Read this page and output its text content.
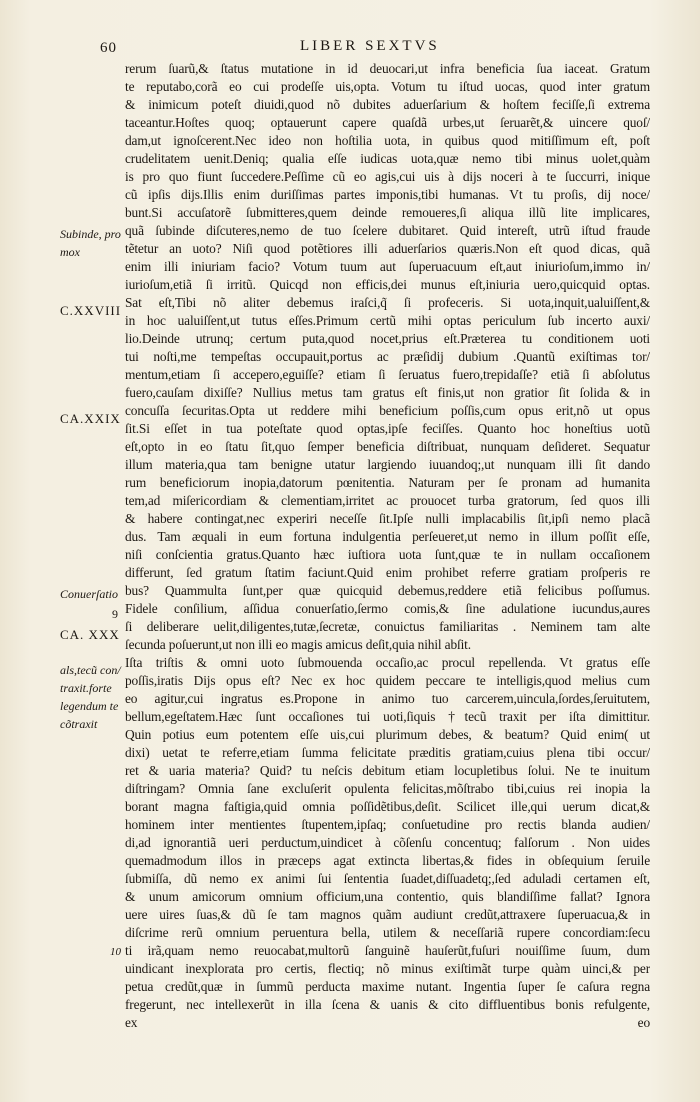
60	LIBER SEXTVS
Subinde, pro
mox
Conuerſatio
9
als,tecũ con/
traxit.forte
legendum te
cõtraxit
10
C.XXVIII
CA.XXIX
CA. XXX
rerum ſuarũ,& ſtatus mutatione in id deuocari,ut infra beneficia ſua iaceat. Gratum
te reputabo,corã eo cui prodeſſe uis,opta. Votum tu iſtud uocas, quod inter gratum
& inimicum poteſt diuidi,quod nõ dubites aduerſarium & hoſtem feciſſe,ſi extrema
taceantur.Hoſtes quoq; optauerunt capere quaſdã urbes,ut ſeruarẽt,& uincere quoſ/
dam,ut ignoſcerent.Nec ideo non hoſtilia uota, in quibus quod mitiſſimum eſt, poſt
crudelitatem uenit.Deniq; qualia eſſe iudicas uota,quæ nemo tibi minus uolet,quàm
is pro quo fiunt ſuccedere.Peſſime cũ eo agis,cui uis à dijs noceri à te ſuccurri, inique
cũ ipſis dijs.Illis enim duriſſimas partes imponis,tibi humanas. Vt tu proſis, dij noce/
bunt.Si accuſatorẽ ſubmitteres,quem deinde remoueres,ſi aliqua illũ lite implicares,
quã ſubinde diſcuteres,nemo de tuo ſcelere dubitaret. Quid intereſt, utrũ iſtud fraude
tẽtetur an uoto? Niſi quod potẽtiores illi aduerſarios quæris.Non eſt quod dicas, quã
enim illi iniuriam facio? Votum tuum aut ſuperuacuum eſt,aut iniurioſum,immo in/
iurioſum,etiã ſi irritũ. Quicqd non efficis,dei munus eſt,iniuria uero,quicquid optas.
Sat eſt,Tibi nõ aliter debemus iraſci,q̃ ſi profeceris. Si uota,inquit,ualuiſſent,&
in hoc ualuiſſent,ut tutus eſſes.Primum certũ mihi optas periculum ſub incerto auxi/
lio.Deinde utrunq; certum puta,quod nocet,prius eſt.Præterea tu conditionem uoti
tui noſti,me tempeſtas occupauit,portus ac præſidij dubium .Quantũ exiſtimas tor/
mentum,etiam ſi accepero,eguiſſe? etiam ſi ſeruatus fuero,trepidaſſe? etiã ſi abſolutus
fuero,cauſam dixiſſe? Nullius metus tam gratus eſt finis,ut non gratior ſit ſolida & in
concuſſa ſecuritas.Opta ut reddere mihi beneficium poſſis,cum opus erit,nõ ut opus
ſit.Si eſſet in tua poteſtate quod optas,ipſe feciſſes. Quanto hoc honeſtius uotũ
eſt,opto in eo ſtatu ſit,quo ſemper beneficia diſtribuat, nunquam deſideret. Sequatur
illum materia,qua tam benigne utatur largiendo iuuandoq;,ut nunquam illi ſit dando
rum beneficiorum inopia,datorum pœnitentia. Naturam per ſe pronam ad humanita
tem,ad miſericordiam & clementiam,irritet ac prouocet turba gratorum, ſed quos illi
& habere contingat,nec experiri neceſſe ſit.Ipſe nulli implacabilis ſit,ipſi nemo placã
dus. Tam æquali in eum fortuna indulgentia perſeueret,ut nemo in illum poſſit eſſe,
niſi conſcientia gratus.Quanto hæc iuſtiora uota ſunt,quæ te in nullam occaſionem
differunt, ſed gratum ſtatim faciunt.Quid enim prohibet referre gratiam proſperis re
bus? Quammulta ſunt,per quæ quicquid debemus,reddere etiã felicibus poſſumus.
Fidele conſilium, aſſidua conuerſatio,ſermo comis,& ſine adulatione iucundus,aures
ſi deliberare uelit,diligentes,tutæ,ſecretæ, conuictus familiaritas . Neminem tam alte
ſecunda poſuerunt,ut non illi eo magis amicus deſit,quia nihil abſit.
Iſta triſtis & omni uoto ſubmouenda occaſio,ac procul repellenda. Vt gratus eſſe
poſſis,iratis Dijs opus eſt? Nec ex hoc quidem peccare te intelligis,quod melius cum
eo agitur,cui ingratus es.Propone in animo tuo carcerem,uincula,ſordes,ſeruitutem,
bellum,egeſtatem.Hæc ſunt occaſiones tui uoti,ſiquis †tecũ traxit per iſta dimittitur.
Quin potius eum potentem eſſe uis,cui plurimum debes, & beatum? Quid enim( ut
dixi) uetat te referre,etiam ſumma felicitate præditis gratiam,cuius plena tibi occur/
ret & uaria materia? Quid? tu neſcis debitum etiam locupletibus ſolui. Ne te inuitum
diſtringam? Omnia ſane excluſerit opulenta felicitas,mõſtrabo tibi,cuius rei inopia la
borant magna faſtigia,quid omnia poſſidẽtibus,deſit. Scilicet ille,qui uerum dicat,&
hominem inter mentientes ſtupentem,ipſaq; conſuetudine pro rectis blanda audien/
di,ad ignorantiã ueri perductum,uindicet à cõſenſu concentuq; falſorum . Non uides
quemadmodum illos in præceps agat extincta libertas,& fides in obſequium ſeruile
ſubmiſſa, dũ nemo ex animi ſui ſententia ſuadet,diſſuadetq;,ſed aduladi certamen eſt,
& unum amicorum omnium officium,una contentio, quis blandiſſime fallat? Ignora
uere uires ſuas,& dũ ſe tam magnos quãm audiunt credũt,attraxere ſuperuacua,& in
diſcrime rerũ omnium peruentura bella, utilem & neceſſariã rupere concordiam:ſecu
ti irã,quam nemo reuocabat,multorũ ſanguinẽ hauſerũt,fuſuri nouiſſime ſuum, dum
uindicant inexplorata pro certis, flectiq; nõ minus exiſtimãt turpe quàm uinci,& per
petua credũt,quæ in ſummũ perducta maxime nutant. Ingentia ſuper ſe caſura regna
fregerunt, nec intellexerũt in illa ſcena & uanis & cito diffluentibus bonis refulgente,
ex eo
